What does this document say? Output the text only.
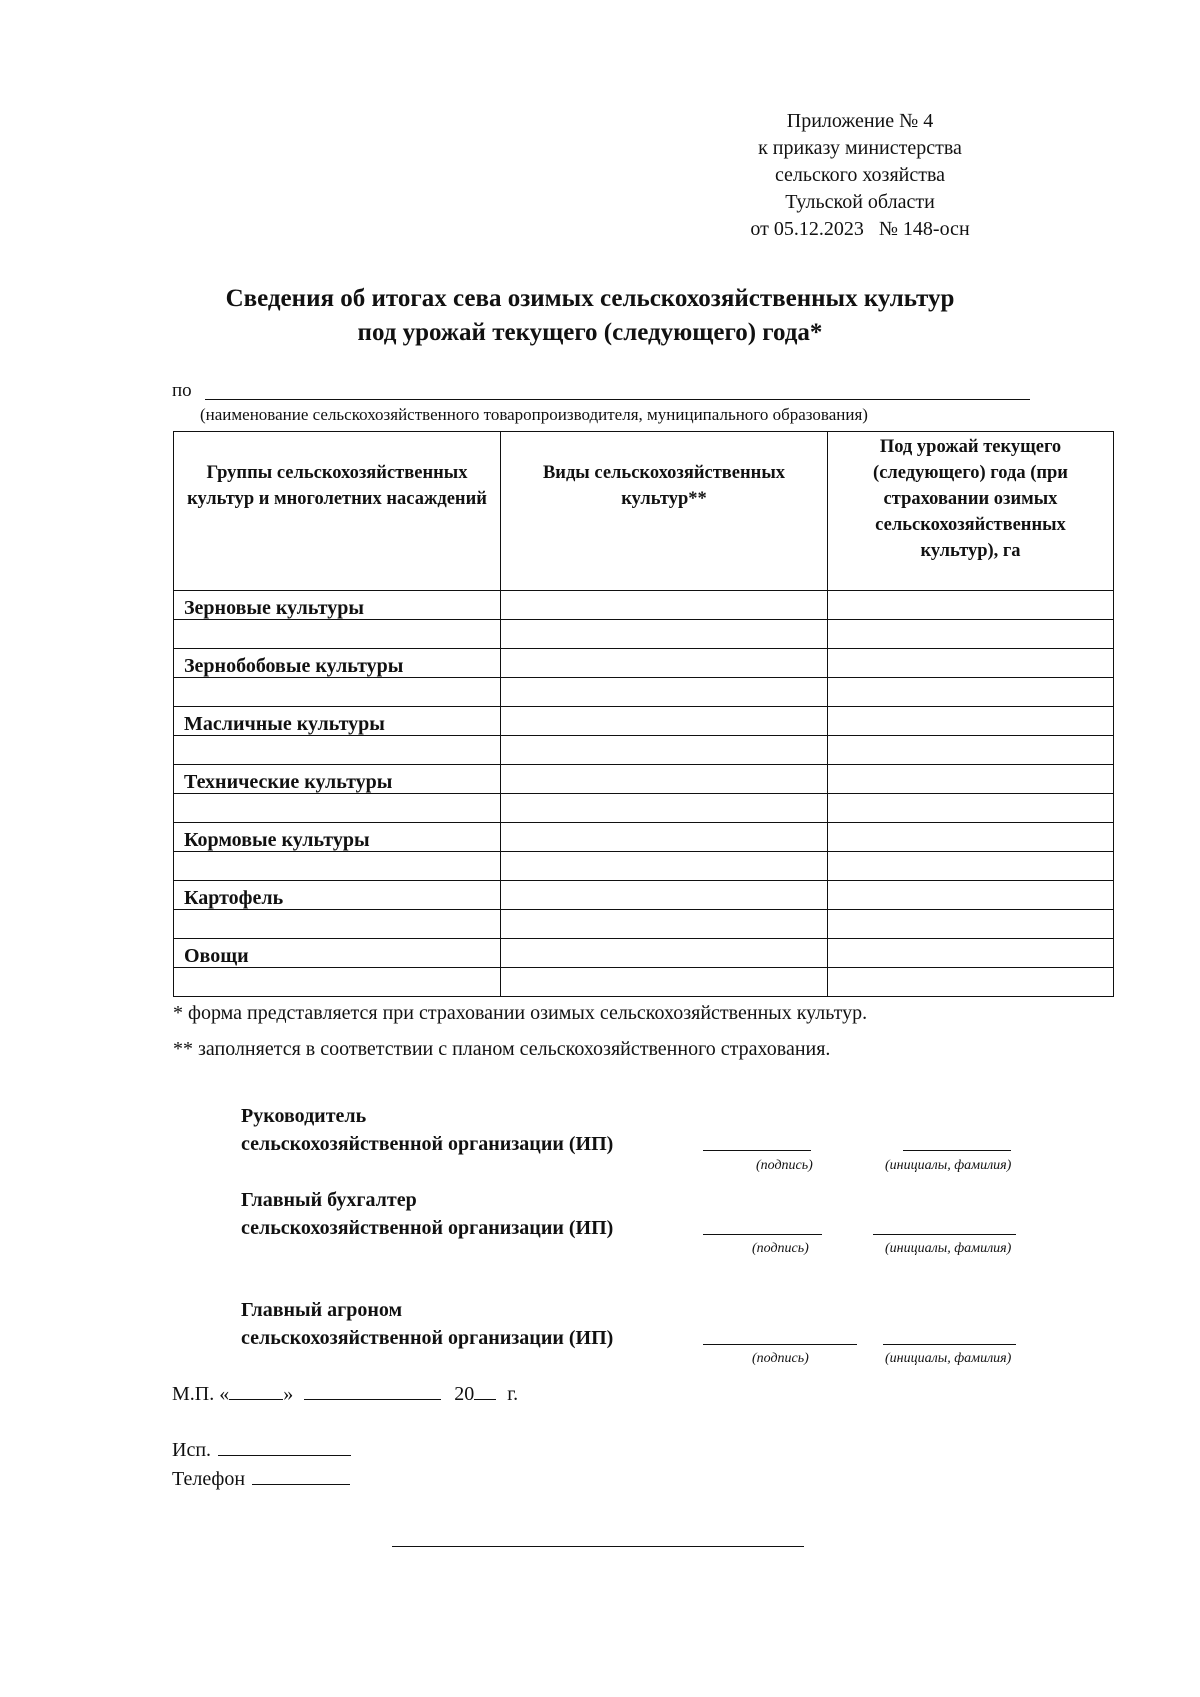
Приложение № 4
к приказу министерства
сельского хозяйства
Тульской области
от 05.12.2023   № 148-осн
Сведения об итогах сева озимых сельскохозяйственных культур
под урожай текущего (следующего) года*
по
(наименование сельскохозяйственного товаропроизводителя, муниципального образования)
Группы сельскохозяйственных культур и многолетних насаждений	Виды сельскохозяйственных культур**	Под урожай текущего (следующего) года (при страховании озимых сельскохозяйственных культур), га
Зерновые культуры		

Зернобобовые культуры		

Масличные культуры		

Технические культуры		

Кормовые культуры		

Картофель		

Овощи		

* форма представляется при страховании озимых сельскохозяйственных культур.
** заполняется в соответствии с планом сельскохозяйственного страхования.
Руководитель
сельскохозяйственной организации (ИП)
(подпись)	(инициалы, фамилия)
Главный бухгалтер
сельскохозяйственной организации (ИП)
(подпись)	(инициалы, фамилия)
Главный агроном
сельскохозяйственной организации (ИП)
(подпись)	(инициалы, фамилия)
М.П. «	»	20 г.
Исп.
Телефон
